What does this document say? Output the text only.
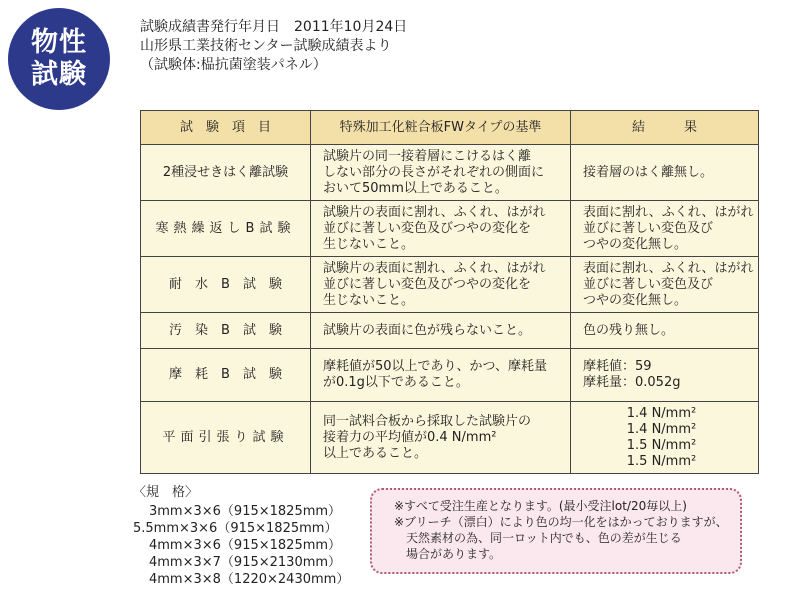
物性
試験
試験成績書発行年月日　2011年10月24日
山形県工業技術センター試験成績表より
（試験体:榀抗菌塗装パネル）
試　験　項　目	特殊加工化粧合板FWタイプの基準	結　　　果
2種浸せきはく離試験	試験片の同一接着層にこけるはく離
しない部分の長さがそれぞれの側面に
おいて50mm以上であること。	接着層のはく離無し。

寒熱繰返しB試験	試験片の表面に割れ、ふくれ、はがれ
並びに著しい変色及びつやの変化を
生じないこと。	表面に割れ、ふくれ、はがれ
並びに著しい変色及び
つやの変化無し。

耐　水　B　試　験	試験片の表面に割れ、ふくれ、はがれ
並びに著しい変色及びつやの変化を
生じないこと。	表面に割れ、ふくれ、はがれ
並びに著しい変色及び
つやの変化無し。

汚　染　B　試　験	試験片の表面に色が残らないこと。	色の残り無し。

摩　耗　B　試　験	摩耗値が50以上であり、かつ、摩耗量
が0.1g以下であること。	摩耗値：59
摩耗量：0.052g

平面引張り試験	同一試料合板から採取した試験片の
接着力の平均値が0.4 N/mm²
以上であること。	1.4 N/mm²
1.4 N/mm²
1.5 N/mm²
1.5 N/mm²
〈規　格〉
3mm×3×6（915×1825mm）
5.5mm×3×6（915×1825mm）
4mm×3×6（915×1825mm）
4mm×3×7（915×2130mm）
4mm×3×8（1220×2430mm）
※すべて受注生産となります。(最小受注lot/20毎以上)
※ブリーチ（漂白）により色の均一化をはかっておりますが、
天然素材の為、同一ロット内でも、色の差が生じる
場合があります。
